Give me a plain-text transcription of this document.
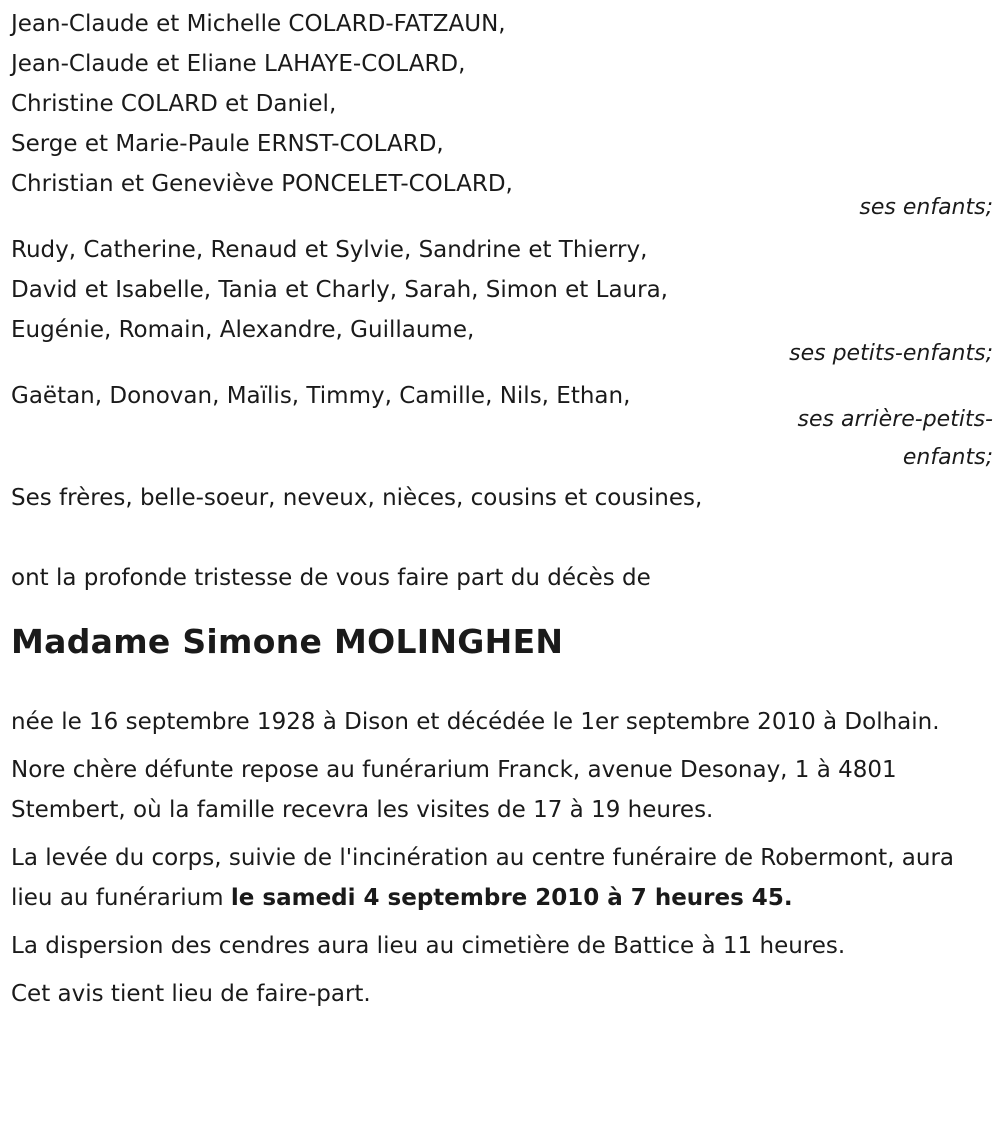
Jean-Claude et Michelle COLARD-FATZAUN,

Jean-Claude et Eliane LAHAYE-COLARD,

Christine COLARD et Daniel,

Serge et Marie-Paule ERNST-COLARD,

Christian et Geneviève PONCELET-COLARD,

ses enfants;

Rudy, Catherine, Renaud et Sylvie, Sandrine et Thierry,

David et Isabelle, Tania et Charly, Sarah, Simon et Laura,

Eugénie, Romain, Alexandre, Guillaume,

ses petits-enfants;

Gaëtan, Donovan, Maïlis, Timmy, Camille, Nils, Ethan,

ses arrière-petits-

enfants;

Ses frères, belle-soeur, neveux, nièces, cousins et cousines,

ont la profonde tristesse de vous faire part du décès de

Madame Simone MOLINGHEN

née le 16 septembre 1928 à Dison et décédée le 1er septembre 2010 à Dolhain.

Nore chère défunte repose au funérarium Franck, avenue Desonay, 1 à 4801 Stembert, où la famille recevra les visites de 17 à 19 heures.

La levée du corps, suivie de l'incinération au centre funéraire de Robermont, aura lieu au funérarium le samedi 4 septembre 2010 à 7 heures 45.

La dispersion des cendres aura lieu au cimetière de Battice à 11 heures.

Cet avis tient lieu de faire-part.
